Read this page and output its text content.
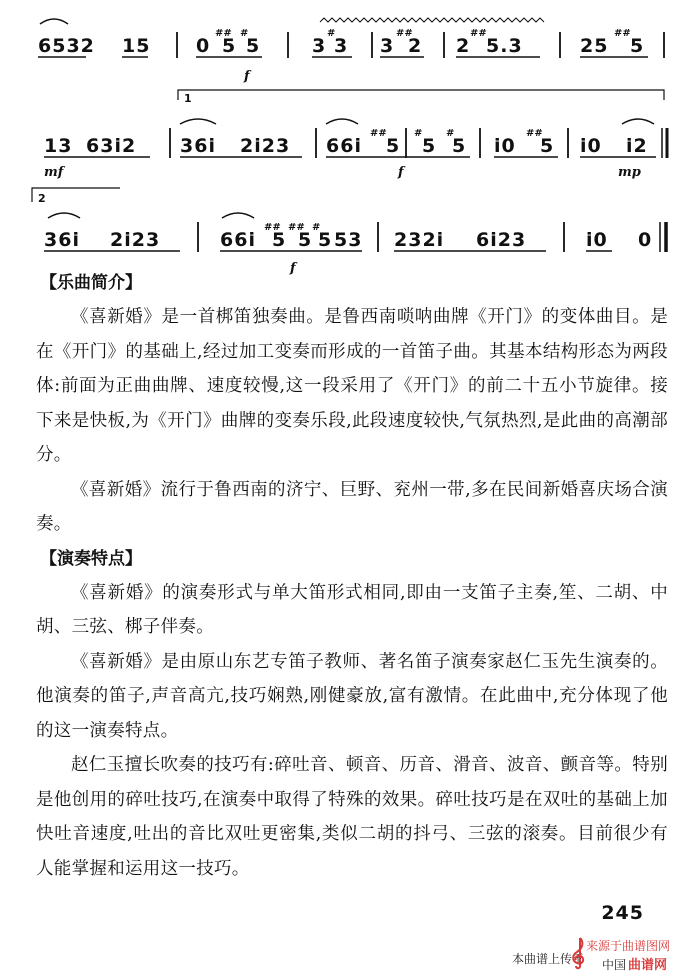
6532 15 0
##
5
#
5	3
#
3 3
##
2 2
##
5.3	25
##
5
f
1
13 63i2 36i 2i23 66i
##
5
#
5
#
5 i0
##
5 i0 i2
mf	f	mp
2
36i 2i23	66i
##
5
##
5
#
5 53 232i 6i23	i0 0
f
【乐曲简介】

《喜新婚》是一首梆笛独奏曲。是鲁西南唢呐曲牌《开门》的变体曲目。是在《开门》的基础上,经过加工变奏而形成的一首笛子曲。其基本结构形态为两段体:前面为正曲曲牌、速度较慢,这一段采用了《开门》的前二十五小节旋律。接下来是快板,为《开门》曲牌的变奏乐段,此段速度较快,气氛热烈,是此曲的高潮部分。

《喜新婚》流行于鲁西南的济宁、巨野、兖州一带,多在民间新婚喜庆场合演奏。

【演奏特点】

《喜新婚》的演奏形式与单大笛形式相同,即由一支笛子主奏,笙、二胡、中胡、三弦、梆子伴奏。

《喜新婚》是由原山东艺专笛子教师、著名笛子演奏家赵仁玉先生演奏的。他演奏的笛子,声音高亢,技巧娴熟,刚健豪放,富有激情。在此曲中,充分体现了他的这一演奏特点。

赵仁玉擅长吹奏的技巧有:碎吐音、顿音、历音、滑音、波音、颤音等。特别是他创用的碎吐技巧,在演奏中取得了特殊的效果。碎吐技巧是在双吐的基础上加快吐音速度,吐出的音比双吐更密集,类似二胡的抖弓、三弦的滚奏。目前很少有人能掌握和运用这一技巧。

245
本曲谱上传于
来源于曲谱图网
中国 曲谱网
